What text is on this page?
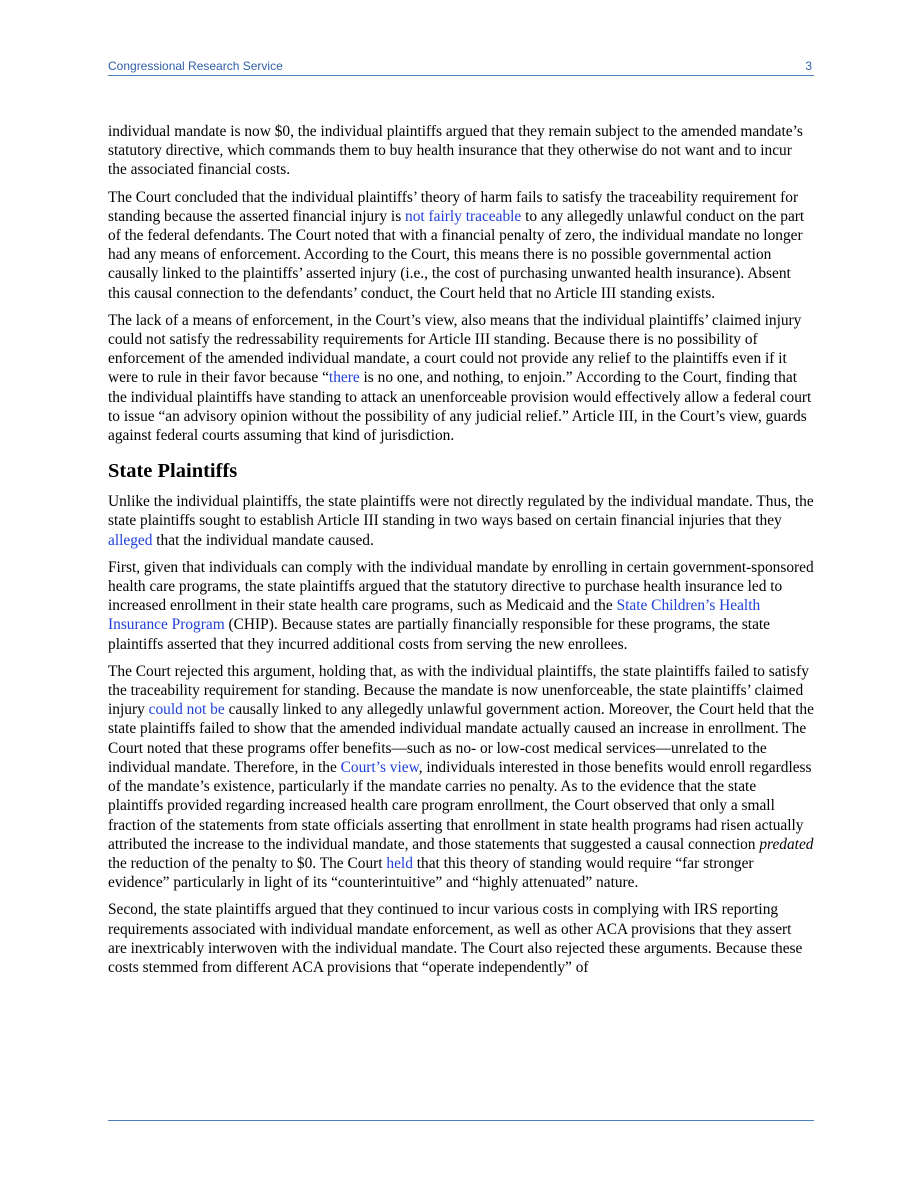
Congressional Research Service	3

individual mandate is now $0, the individual plaintiffs argued that they remain subject to the amended mandate’s statutory directive, which commands them to buy health insurance that they otherwise do not want and to incur the associated financial costs.

The Court concluded that the individual plaintiffs’ theory of harm fails to satisfy the traceability requirement for standing because the asserted financial injury is not fairly traceable to any allegedly unlawful conduct on the part of the federal defendants. The Court noted that with a financial penalty of zero, the individual mandate no longer had any means of enforcement. According to the Court, this means there is no possible governmental action causally linked to the plaintiffs’ asserted injury (i.e., the cost of purchasing unwanted health insurance). Absent this causal connection to the defendants’ conduct, the Court held that no Article III standing exists.

The lack of a means of enforcement, in the Court’s view, also means that the individual plaintiffs’ claimed injury could not satisfy the redressability requirements for Article III standing. Because there is no possibility of enforcement of the amended individual mandate, a court could not provide any relief to the plaintiffs even if it were to rule in their favor because “there is no one, and nothing, to enjoin.” According to the Court, finding that the individual plaintiffs have standing to attack an unenforceable provision would effectively allow a federal court to issue “an advisory opinion without the possibility of any judicial relief.” Article III, in the Court’s view, guards against federal courts assuming that kind of jurisdiction.

State Plaintiffs

Unlike the individual plaintiffs, the state plaintiffs were not directly regulated by the individual mandate. Thus, the state plaintiffs sought to establish Article III standing in two ways based on certain financial injuries that they alleged that the individual mandate caused.

First, given that individuals can comply with the individual mandate by enrolling in certain government-sponsored health care programs, the state plaintiffs argued that the statutory directive to purchase health insurance led to increased enrollment in their state health care programs, such as Medicaid and the State Children’s Health Insurance Program (CHIP). Because states are partially financially responsible for these programs, the state plaintiffs asserted that they incurred additional costs from serving the new enrollees.

The Court rejected this argument, holding that, as with the individual plaintiffs, the state plaintiffs failed to satisfy the traceability requirement for standing. Because the mandate is now unenforceable, the state plaintiffs’ claimed injury could not be causally linked to any allegedly unlawful government action. Moreover, the Court held that the state plaintiffs failed to show that the amended individual mandate actually caused an increase in enrollment. The Court noted that these programs offer benefits—such as no- or low-cost medical services—unrelated to the individual mandate. Therefore, in the Court’s view, individuals interested in those benefits would enroll regardless of the mandate’s existence, particularly if the mandate carries no penalty. As to the evidence that the state plaintiffs provided regarding increased health care program enrollment, the Court observed that only a small fraction of the statements from state officials asserting that enrollment in state health programs had risen actually attributed the increase to the individual mandate, and those statements that suggested a causal connection predated the reduction of the penalty to $0. The Court held that this theory of standing would require “far stronger evidence” particularly in light of its “counterintuitive” and “highly attenuated” nature.

Second, the state plaintiffs argued that they continued to incur various costs in complying with IRS reporting requirements associated with individual mandate enforcement, as well as other ACA provisions that they assert are inextricably interwoven with the individual mandate. The Court also rejected these arguments. Because these costs stemmed from different ACA provisions that “operate independently” of
